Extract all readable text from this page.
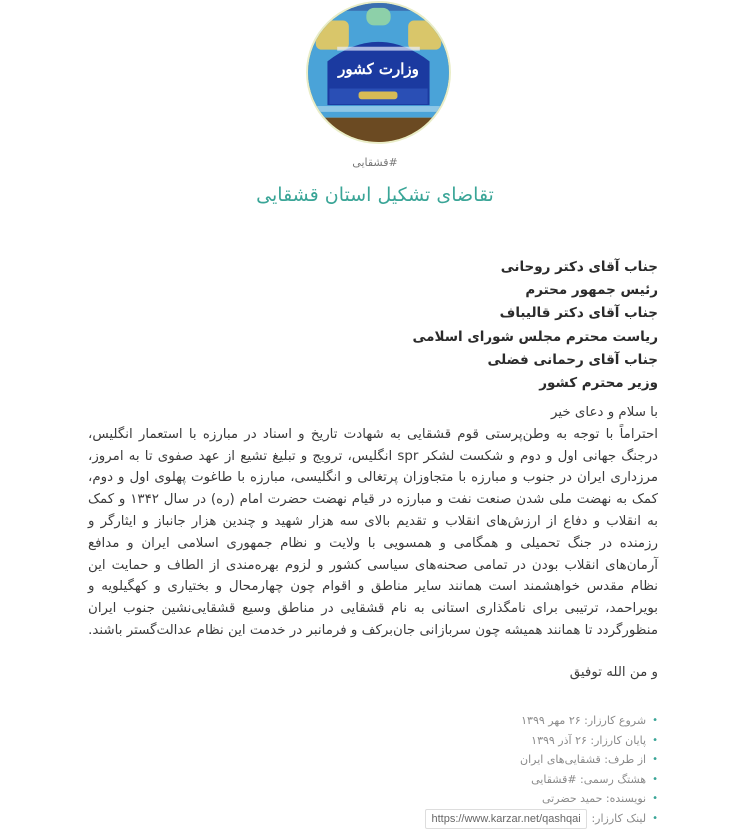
وزارت کشور
#قشقایی
تقاضای تشکیل استان قشقایی
جناب آقای دکتر روحانی
رئیس جمهور محترم
جناب آقای دکتر قالیباف
ریاست محترم مجلس شورای اسلامی
جناب آقای رحمانی فضلی
وزیر محترم کشور

با سلام و دعای خیر

احتراماً با توجه به وطن‌پرستی قوم قشقایی به شهادت تاریخ و اسناد در مبارزه با استعمار انگلیس، درجنگ جهانی اول و دوم و شکست لشکر spr انگلیس، ترویج و تبلیغ تشیع از عهد صفوی تا به امروز، مرزداری ایران در جنوب و مبارزه با متجاوزان پرتغالی و انگلیسی، مبارزه با طاغوت پهلوی اول و دوم، کمک به نهضت ملی شدن صنعت نفت و مبارزه در قیام نهضت حضرت امام (ره) در سال ۱۳۴۲ و کمک به انقلاب و دفاع از ارزش‌های انقلاب و تقدیم بالای سه هزار شهید و چندین هزار جانباز و ایثارگر و رزمنده در جنگ تحمیلی و همگامی و همسویی با ولایت و نظام جمهوری اسلامی ایران و مدافع آرمان‌های انقلاب بودن در تمامی صحنه‌های سیاسی کشور و لزوم بهره‌مندی از الطاف و حمایت این نظام مقدس خواهشمند است همانند سایر مناطق و اقوام چون چهارمحال و بختیاری و کهگیلویه و بویراحمد، ترتیبی برای نامگذاری استانی به نام قشقایی در مناطق وسیع قشقایی‌نشین جنوب ایران منظورگردد تا همانند همیشه چون سربازانی جان‌برکف و فرمانبر در خدمت این نظام عدالت‌گستر باشند.

و من الله توفیق
•
شروع کارزار: ۲۶ مهر ۱۳۹۹
•
پایان کارزار: ۲۶ آذر ۱۳۹۹
•
از طرف: قشقایی‌های ایران
•
هشتگ رسمی: #قشقایی
•
نویسنده: حمید حضرتی
•
لینک کارزار:
https://www.karzar.net/qashqai
